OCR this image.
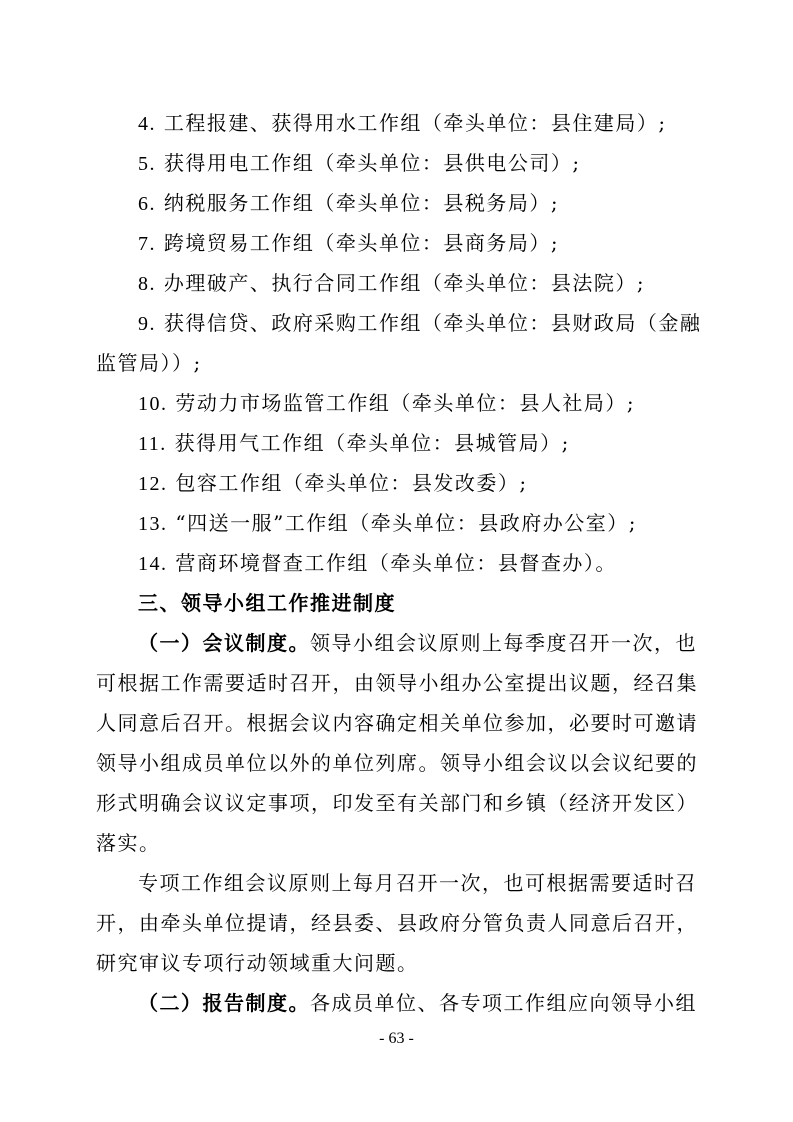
4. 工程报建、获得用水工作组（牵头单位：县住建局）;
5. 获得用电工作组（牵头单位：县供电公司）;
6. 纳税服务工作组（牵头单位：县税务局）;
7. 跨境贸易工作组（牵头单位：县商务局）;
8. 办理破产、执行合同工作组（牵头单位：县法院）;
9. 获得信贷、政府采购工作组（牵头单位：县财政局（金融
监管局））;
10. 劳动力市场监管工作组（牵头单位：县人社局）;
11. 获得用气工作组（牵头单位：县城管局）;
12. 包容工作组（牵头单位：县发改委）;
13. “四送一服”工作组（牵头单位：县政府办公室）;
14. 营商环境督查工作组（牵头单位：县督查办）。
三、领导小组工作推进制度
（一）会议制度。领导小组会议原则上每季度召开一次，也
可根据工作需要适时召开，由领导小组办公室提出议题，经召集
人同意后召开。根据会议内容确定相关单位参加，必要时可邀请
领导小组成员单位以外的单位列席。领导小组会议以会议纪要的
形式明确会议议定事项，印发至有关部门和乡镇（经济开发区）
落实。
专项工作组会议原则上每月召开一次，也可根据需要适时召
开，由牵头单位提请，经县委、县政府分管负责人同意后召开，
研究审议专项行动领域重大问题。
（二）报告制度。各成员单位、各专项工作组应向领导小组
- 63 -
